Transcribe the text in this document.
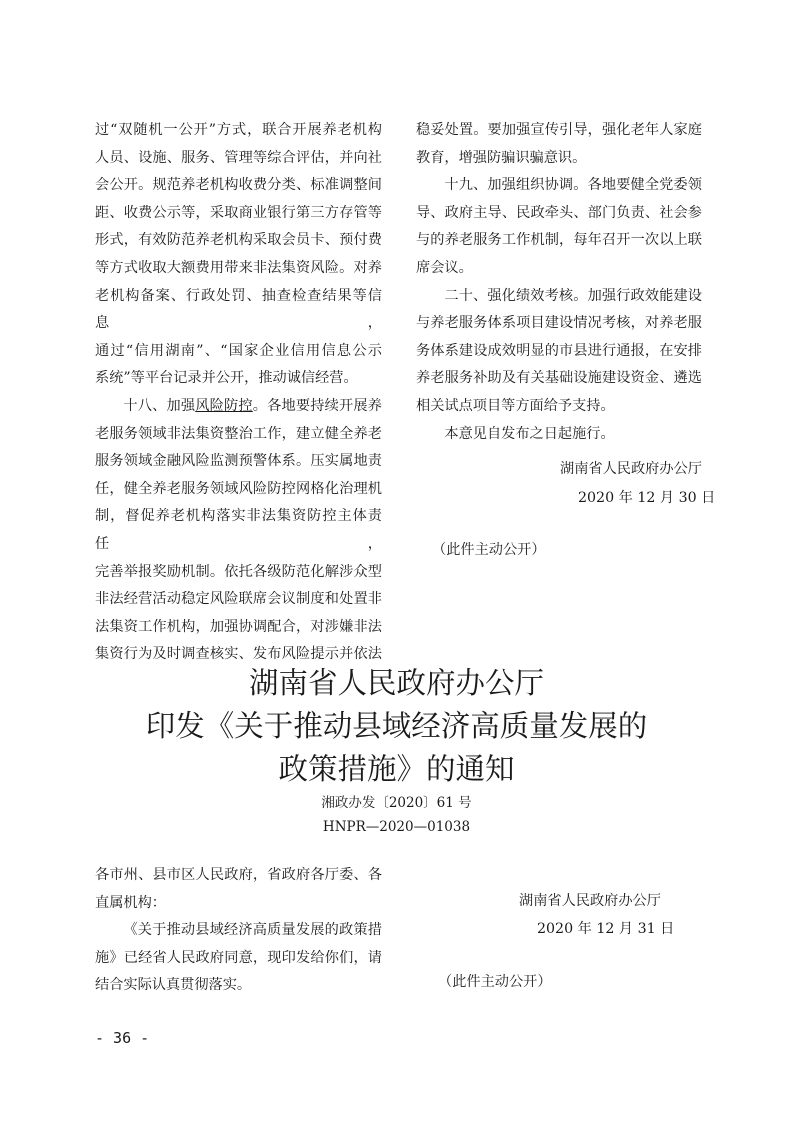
过“双随机一公开”方式，联合开展养老机构

人员、设施、服务、管理等综合评估，并向社

会公开。规范养老机构收费分类、标准调整间

距、收费公示等，采取商业银行第三方存管等

形式，有效防范养老机构采取会员卡、预付费

等方式收取大额费用带来非法集资风险。对养

老机构备案、行政处罚、抽查检查结果等信息，

通过“信用湖南”、“国家企业信用信息公示

系统”等平台记录并公开，推动诚信经营。

十八、加强风险防控。各地要持续开展养

老服务领域非法集资整治工作，建立健全养老

服务领域金融风险监测预警体系。压实属地责

任，健全养老服务领域风险防控网格化治理机

制，督促养老机构落实非法集资防控主体责任，

完善举报奖励机制。依托各级防范化解涉众型

非法经营活动稳定风险联席会议制度和处置非

法集资工作机构，加强协调配合，对涉嫌非法

集资行为及时调查核实、发布风险提示并依法

稳妥处置。要加强宣传引导，强化老年人家庭

教育，增强防骗识骗意识。

十九、加强组织协调。各地要健全党委领

导、政府主导、民政牵头、部门负责、社会参

与的养老服务工作机制，每年召开一次以上联

席会议。

二十、强化绩效考核。加强行政效能建设

与养老服务体系项目建设情况考核，对养老服

务体系建设成效明显的市县进行通报，在安排

养老服务补助及有关基础设施建设资金、遴选

相关试点项目等方面给予支持。

本意见自发布之日起施行。

湖南省人民政府办公厅
2020 年 12 月 30 日
（此件主动公开）
湖南省人民政府办公厅
印发《关于推动县域经济高质量发展的
政策措施》的通知
湘政办发〔2020〕61 号
HNPR—2020—01038

各市州、县市区人民政府，省政府各厅委、各

直属机构：

《关于推动县域经济高质量发展的政策措

施》已经省人民政府同意，现印发给你们，请

结合实际认真贯彻落实。

湖南省人民政府办公厅
2020 年 12 月 31 日
（此件主动公开）
- 36 -
